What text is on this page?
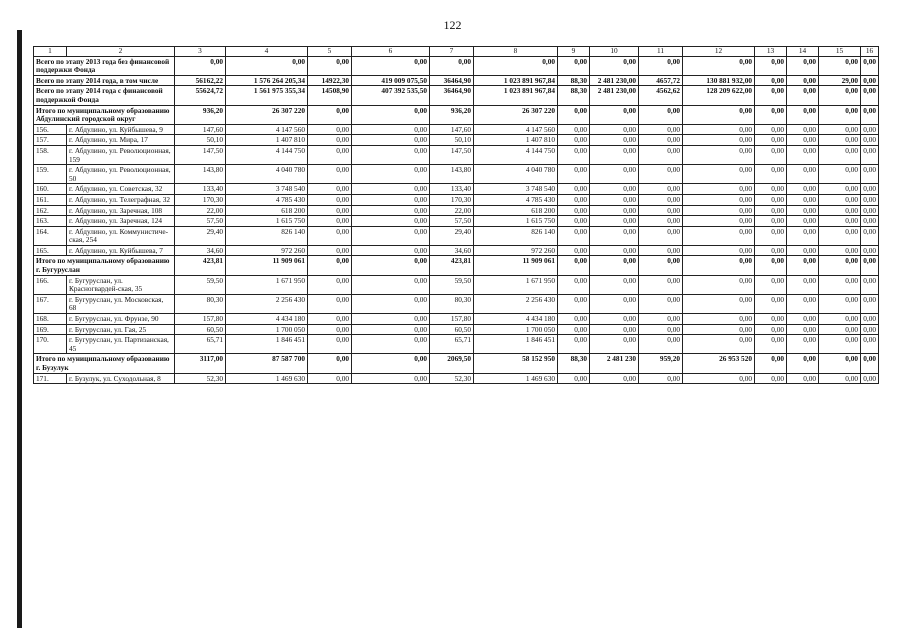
122
1	2	3	4	5	6	7	8	9	10	11	12	13	14	15	16
Всего по этапу 2013 года без финансовой поддержки Фонда		0,00	0,00	0,00	0,00	0,00	0,00	0,00	0,00	0,00	0,00	0,00	0,00	0,00	0,00
Всего по этапу 2014 года, в том числе		56162,22	1 576 264 205,34	14922,30	419 009 075,50	36464,90	1 023 891 967,84	88,30	2 481 230,00	4657,72	130 881 932,00	0,00	0,00	29,00	0,00
Всего по этапу 2014 года с финансовой поддержкой Фонда		55624,72	1 561 975 355,34	14508,90	407 392 535,50	36464,90	1 023 891 967,84	88,30	2 481 230,00	4562,62	128 209 622,00	0,00	0,00	0,00	0,00
Итого по муниципальному образованию Абдулинский городской округ		936,20	26 307 220	0,00	0,00	936,20	26 307 220	0,00	0,00	0,00	0,00	0,00	0,00	0,00	0,00
156.	г. Абдулино, ул. Куйбышева, 9	147,60	4 147 560	0,00	0,00	147,60	4 147 560	0,00	0,00	0,00	0,00	0,00	0,00	0,00	0,00
157.	г. Абдулино, ул. Мира, 17	50,10	1 407 810	0,00	0,00	50,10	1 407 810	0,00	0,00	0,00	0,00	0,00	0,00	0,00	0,00
158.	г. Абдулино, ул. Революционная, 159	147,50	4 144 750	0,00	0,00	147,50	4 144 750	0,00	0,00	0,00	0,00	0,00	0,00	0,00	0,00
159.	г. Абдулино, ул. Революционная, 50	143,80	4 040 780	0,00	0,00	143,80	4 040 780	0,00	0,00	0,00	0,00	0,00	0,00	0,00	0,00
160.	г. Абдулино, ул. Советская, 32	133,40	3 748 540	0,00	0,00	133,40	3 748 540	0,00	0,00	0,00	0,00	0,00	0,00	0,00	0,00
161.	г. Абдулино, ул. Телеграфная, 32	170,30	4 785 430	0,00	0,00	170,30	4 785 430	0,00	0,00	0,00	0,00	0,00	0,00	0,00	0,00
162.	г. Абдулино, ул. Заречная, 108	22,00	618 200	0,00	0,00	22,00	618 200	0,00	0,00	0,00	0,00	0,00	0,00	0,00	0,00
163.	г. Абдулино, ул. Заречная, 124	57,50	1 615 750	0,00	0,00	57,50	1 615 750	0,00	0,00	0,00	0,00	0,00	0,00	0,00	0,00
164.	г. Абдулино, ул. Коммунистиче-ская, 254	29,40	826 140	0,00	0,00	29,40	826 140	0,00	0,00	0,00	0,00	0,00	0,00	0,00	0,00
165.	г. Абдулино, ул. Куйбышева, 7	34,60	972 260	0,00	0,00	34,60	972 260	0,00	0,00	0,00	0,00	0,00	0,00	0,00	0,00
Итого по муниципальному образованию г. Бугуруслан		423,81	11 909 061	0,00	0,00	423,81	11 909 061	0,00	0,00	0,00	0,00	0,00	0,00	0,00	0,00
166.	г. Бугуруслан, ул. Красногвардей-ская, 35	59,50	1 671 950	0,00	0,00	59,50	1 671 950	0,00	0,00	0,00	0,00	0,00	0,00	0,00	0,00
167.	г. Бугуруслан, ул. Московская, 68	80,30	2 256 430	0,00	0,00	80,30	2 256 430	0,00	0,00	0,00	0,00	0,00	0,00	0,00	0,00
168.	г. Бугуруслан, ул. Фрунзе, 90	157,80	4 434 180	0,00	0,00	157,80	4 434 180	0,00	0,00	0,00	0,00	0,00	0,00	0,00	0,00
169.	г. Бугуруслан, ул. Гая, 25	60,50	1 700 050	0,00	0,00	60,50	1 700 050	0,00	0,00	0,00	0,00	0,00	0,00	0,00	0,00
170.	г. Бугуруслан, ул. Партизанская, 45	65,71	1 846 451	0,00	0,00	65,71	1 846 451	0,00	0,00	0,00	0,00	0,00	0,00	0,00	0,00
Итого по муниципальному образованию г. Бузулук		3117,00	87 587 700	0,00	0,00	2069,50	58 152 950	88,30	2 481 230	959,20	26 953 520	0,00	0,00	0,00	0,00
171.	г. Бузулук, ул. Суходольная, 8	52,30	1 469 630	0,00	0,00	52,30	1 469 630	0,00	0,00	0,00	0,00	0,00	0,00	0,00	0,00
